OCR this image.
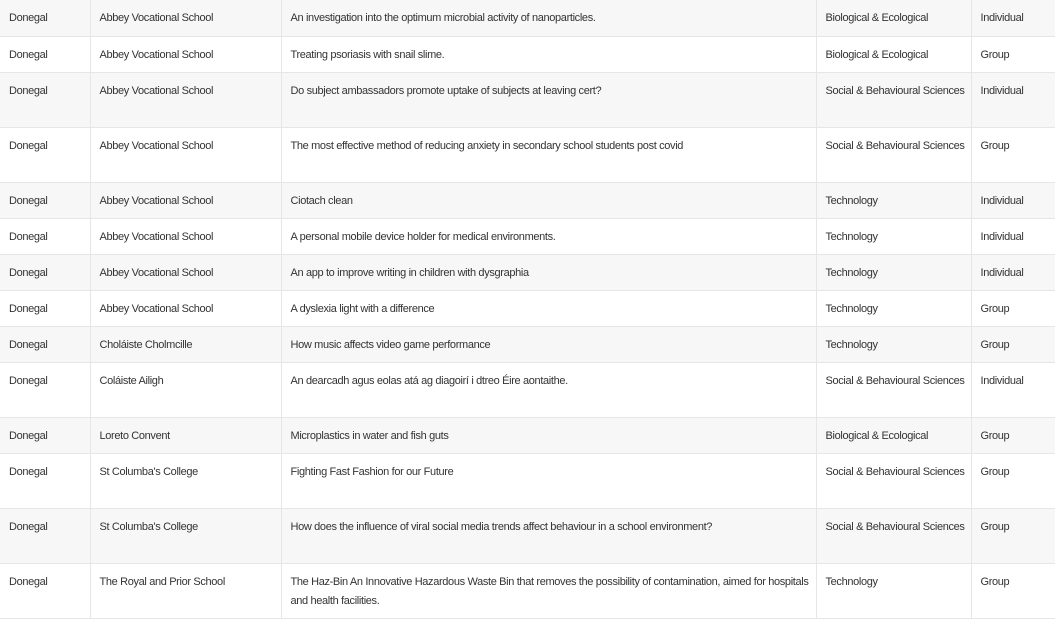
Donegal	Abbey Vocational School	An investigation into the optimum microbial activity of nanoparticles.	Biological & Ecological	Individual
Donegal	Abbey Vocational School	Treating psoriasis with snail slime.	Biological & Ecological	Group
Donegal	Abbey Vocational School	Do subject ambassadors promote uptake of subjects at leaving cert?	Social & Behavioural Sciences	Individual
Donegal	Abbey Vocational School	The most effective method of reducing anxiety in secondary school students post covid	Social & Behavioural Sciences	Group
Donegal	Abbey Vocational School	Ciotach clean	Technology	Individual
Donegal	Abbey Vocational School	A personal mobile device holder for medical environments.	Technology	Individual
Donegal	Abbey Vocational School	An app to improve writing in children with dysgraphia	Technology	Individual
Donegal	Abbey Vocational School	A dyslexia light with a difference	Technology	Group
Donegal	Choláiste Cholmcille	How music affects video game performance	Technology	Group
Donegal	Coláiste Ailigh	An dearcadh agus eolas atá ag diagoirí i dtreo Éire aontaithe.	Social & Behavioural Sciences	Individual
Donegal	Loreto Convent	Microplastics in water and fish guts	Biological & Ecological	Group
Donegal	St Columba's College	Fighting Fast Fashion for our Future	Social & Behavioural Sciences	Group
Donegal	St Columba's College	How does the influence of viral social media trends affect behaviour in a school environment?	Social & Behavioural Sciences	Group
Donegal	The Royal and Prior School	The Haz-Bin An Innovative Hazardous Waste Bin that removes the possibility of contamination, aimed for hospitals and health facilities.	Technology	Group
